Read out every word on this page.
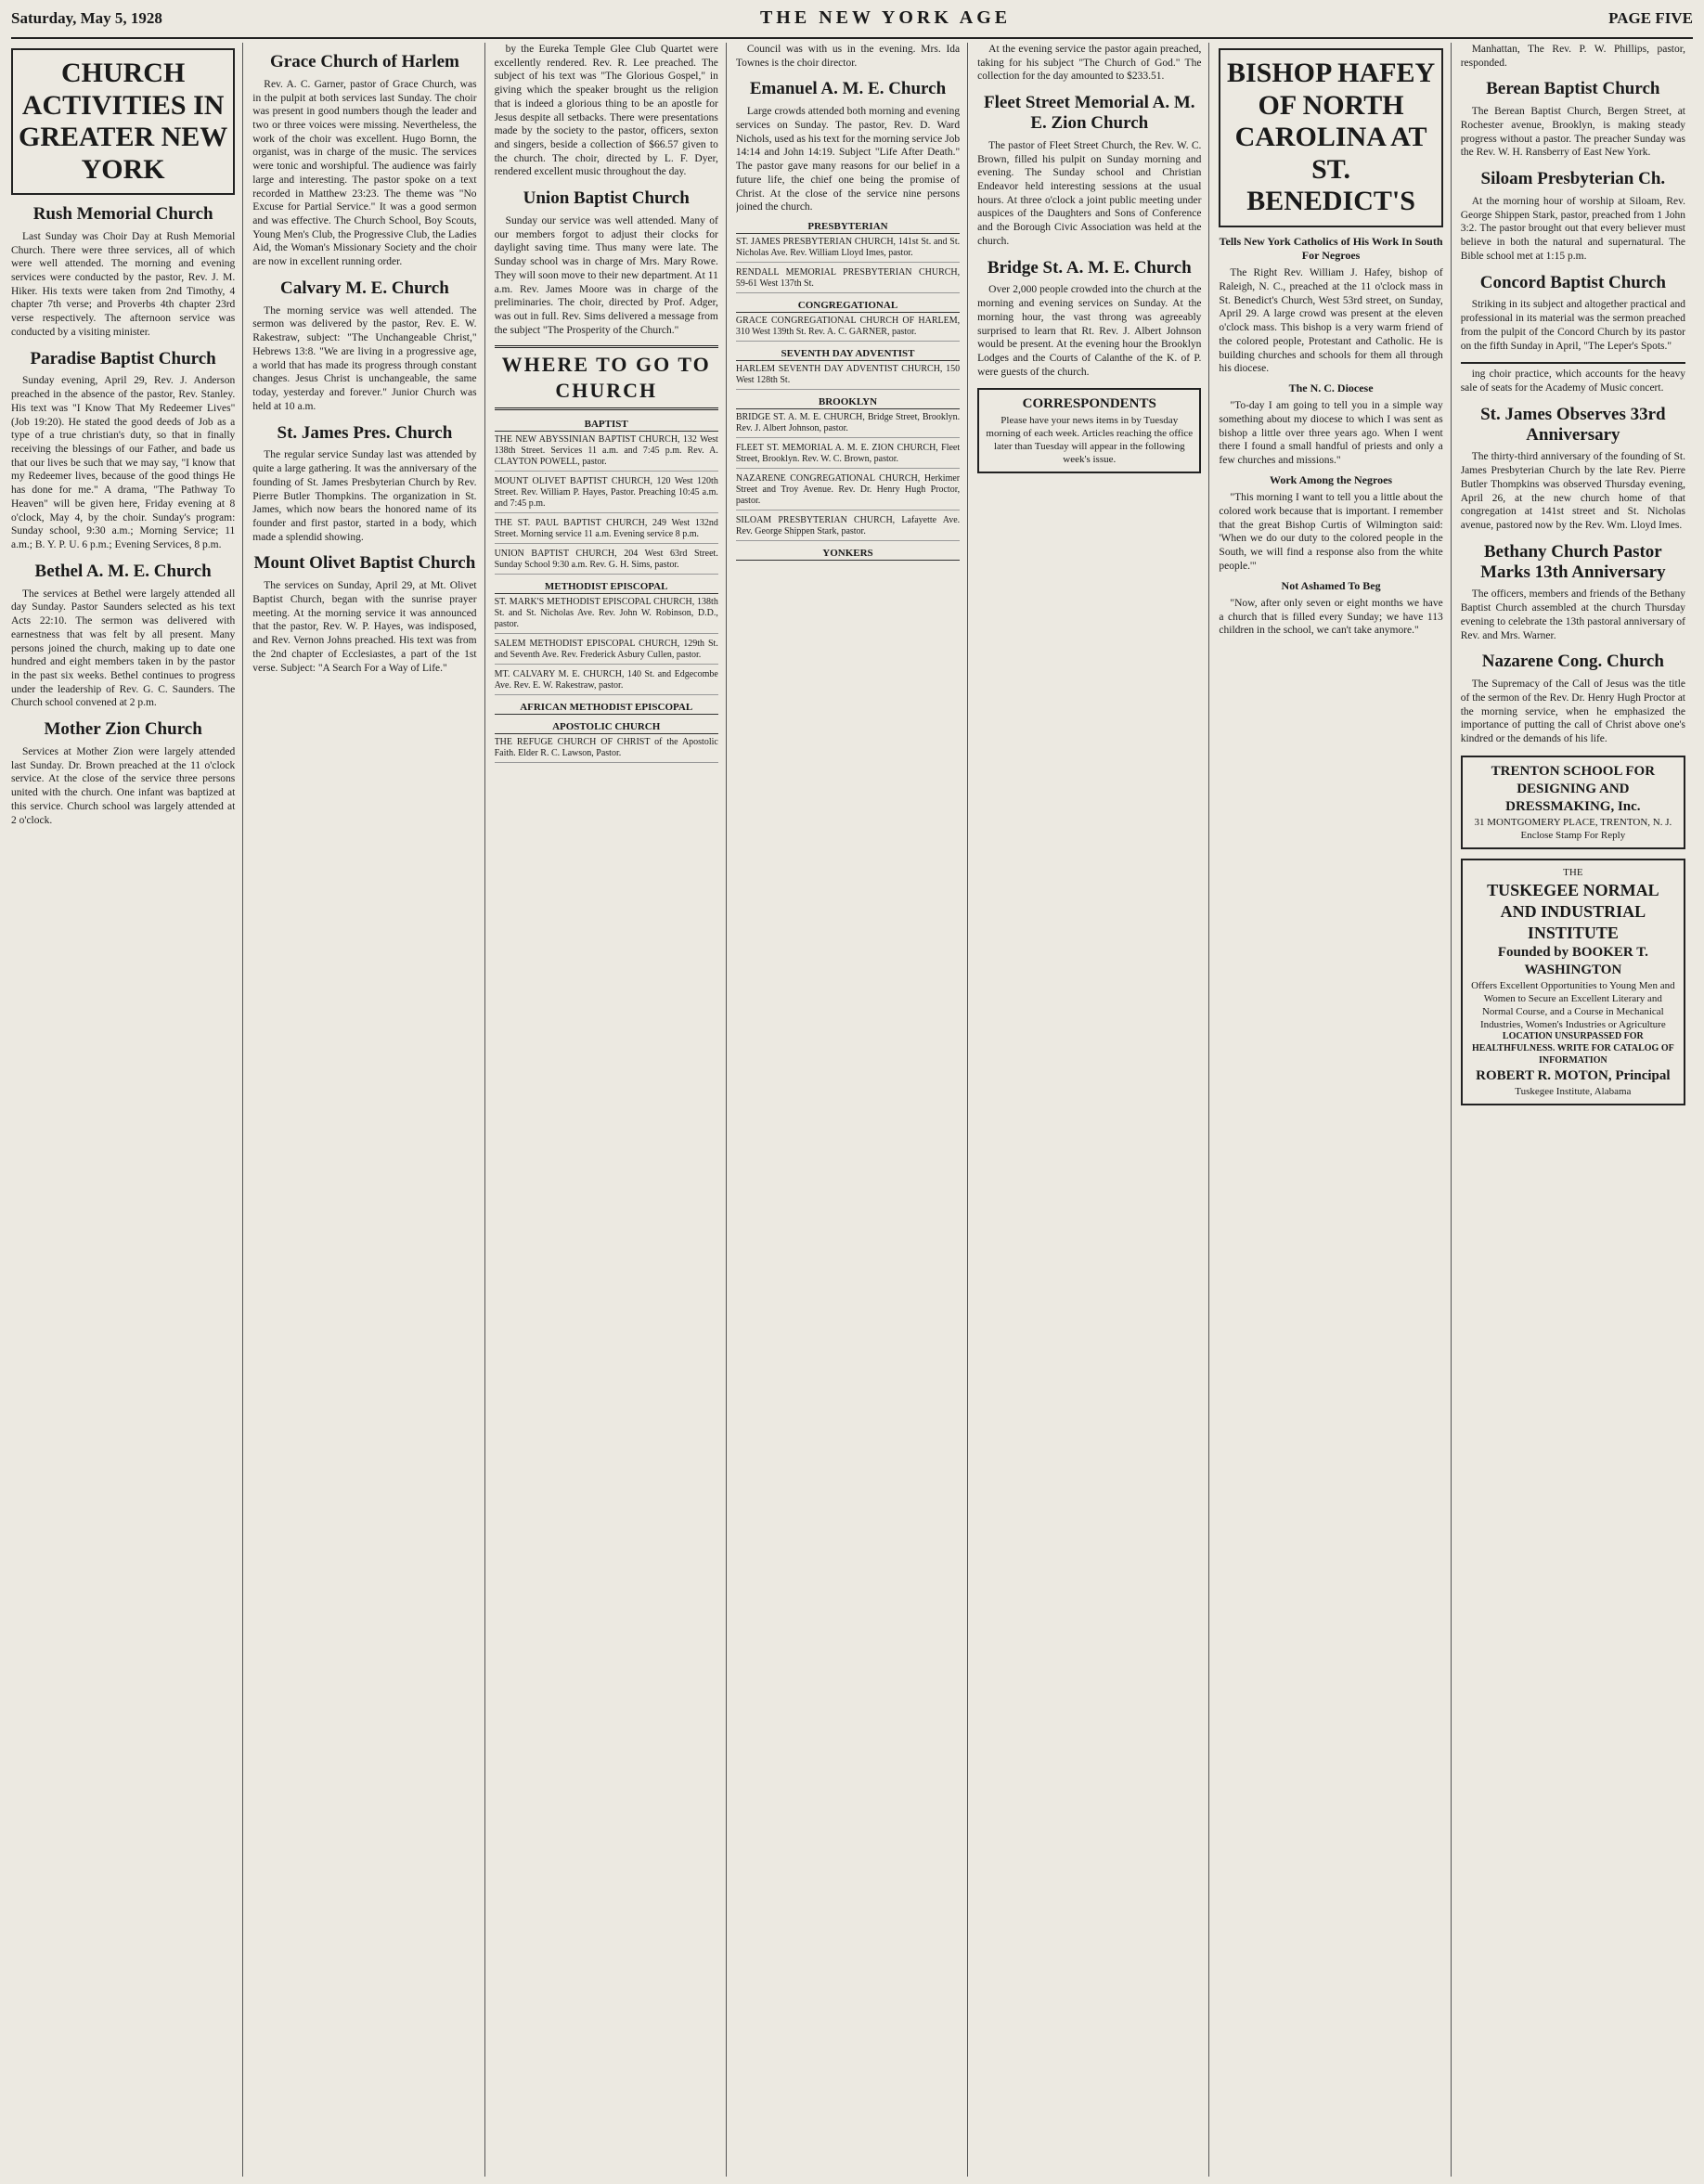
Saturday, May 5, 1928	THE NEW YORK AGE	PAGE FIVE
CHURCH ACTIVITIES IN GREATER NEW YORK
Rush Memorial Church

Last Sunday was Choir Day at Rush Memorial Church. There were three services, all of which were well attended. The morning and evening services were conducted by the pastor, Rev. J. M. Hiker. His texts were taken from 2nd Timothy, 4 chapter 7th verse; and Proverbs 4th chapter 23rd verse respectively. The afternoon service was conducted by a visiting minister.

Paradise Baptist Church

Sunday evening, April 29, Rev. J. Anderson preached in the absence of the pastor, Rev. Stanley. His text was "I Know That My Redeemer Lives" (Job 19:20). He stated the good deeds of Job as a type of a true christian's duty, so that in finally receiving the blessings of our Father, and bade us that our lives be such that we may say, "I know that my Redeemer lives, because of the good things He has done for me." A drama, "The Pathway To Heaven" will be given here, Friday evening at 8 o'clock, May 4, by the choir. Sunday's program: Sunday school, 9:30 a.m.; Morning Service; 11 a.m.; B. Y. P. U. 6 p.m.; Evening Services, 8 p.m.

Bethel A. M. E. Church

The services at Bethel were largely attended all day Sunday. Pastor Saunders selected as his text Acts 22:10. The sermon was delivered with earnestness that was felt by all present. Many persons joined the church, making up to date one hundred and eight members taken in by the pastor in the past six weeks. Bethel continues to progress under the leadership of Rev. G. C. Saunders. The Church school convened at 2 p.m.

Mother Zion Church

Services at Mother Zion were largely attended last Sunday. Dr. Brown preached at the 11 o'clock service. At the close of the service three persons united with the church. One infant was baptized at this service. Church school was largely attended at 2 o'clock.

Grace Church of Harlem

Rev. A. C. Garner, pastor of Grace Church, was in the pulpit at both services last Sunday. The choir was present in good numbers though the leader and two or three voices were missing. Nevertheless, the work of the choir was excellent. Hugo Bornn, the organist, was in charge of the music. The services were tonic and worshipful. The audience was fairly large and interesting. The pastor spoke on a text recorded in Matthew 23:23. The theme was "No Excuse for Partial Service." It was a good sermon and was effective. The Church School, Boy Scouts, Young Men's Club, the Progressive Club, the Ladies Aid, the Woman's Missionary Society and the choir are now in excellent running order.

Calvary M. E. Church

The morning service was well attended. The sermon was delivered by the pastor, Rev. E. W. Rakestraw, subject: "The Unchangeable Christ," Hebrews 13:8. "We are living in a progressive age, a world that has made its progress through constant changes. Jesus Christ is unchangeable, the same today, yesterday and forever." Junior Church was held at 10 a.m.

St. James Pres. Church

The regular service Sunday last was attended by quite a large gathering. It was the anniversary of the founding of St. James Presbyterian Church by Rev. Pierre Butler Thompkins. The organization in St. James, which now bears the honored name of its founder and first pastor, started in a body, which made a splendid showing.

Mount Olivet Baptist Church

The services on Sunday, April 29, at Mt. Olivet Baptist Church, began with the sunrise prayer meeting. At the morning service it was announced that the pastor, Rev. W. P. Hayes, was indisposed, and Rev. Vernon Johns preached. His text was from the 2nd chapter of Ecclesiastes, a part of the 1st verse. Subject: "A Search For a Way of Life."

by the Eureka Temple Glee Club Quartet were excellently rendered. Rev. R. Lee preached. The subject of his text was "The Glorious Gospel," in giving which the speaker brought us the religion that is indeed a glorious thing to be an apostle for Jesus despite all setbacks. There were presentations made by the society to the pastor, officers, sexton and singers, beside a collection of $66.57 given to the church. The choir, directed by L. F. Dyer, rendered excellent music throughout the day.

Union Baptist Church

Sunday our service was well attended. Many of our members forgot to adjust their clocks for daylight saving time. Thus many were late. The Sunday school was in charge of Mrs. Mary Rowe. They will soon move to their new department. At 11 a.m. Rev. James Moore was in charge of the preliminaries. The choir, directed by Prof. Adger, was out in full. Rev. Sims delivered a message from the subject "The Prosperity of the Church."

WHERE TO GO TO CHURCH
BAPTIST
THE NEW ABYSSINIAN BAPTIST CHURCH, 132 West 138th Street. Services 11 a.m. and 7:45 p.m. Rev. A. CLAYTON POWELL, pastor.
MOUNT OLIVET BAPTIST CHURCH, 120 West 120th Street. Rev. William P. Hayes, Pastor. Preaching 10:45 a.m. and 7:45 p.m.
THE ST. PAUL BAPTIST CHURCH, 249 West 132nd Street. Morning service 11 a.m. Evening service 8 p.m.
UNION BAPTIST CHURCH, 204 West 63rd Street. Sunday School 9:30 a.m. Rev. G. H. Sims, pastor.
METHODIST EPISCOPAL
ST. MARK'S METHODIST EPISCOPAL CHURCH, 138th St. and St. Nicholas Ave. Rev. John W. Robinson, D.D., pastor.
SALEM METHODIST EPISCOPAL CHURCH, 129th St. and Seventh Ave. Rev. Frederick Asbury Cullen, pastor.
MT. CALVARY M. E. CHURCH, 140 St. and Edgecombe Ave. Rev. E. W. Rakestraw, pastor.
AFRICAN METHODIST EPISCOPAL
APOSTOLIC CHURCH
THE REFUGE CHURCH OF CHRIST of the Apostolic Faith. Elder R. C. Lawson, Pastor.

Council was with us in the evening. Mrs. Ida Townes is the choir director.

Emanuel A. M. E. Church

Large crowds attended both morning and evening services on Sunday. The pastor, Rev. D. Ward Nichols, used as his text for the morning service Job 14:14 and John 14:19. Subject "Life After Death." The pastor gave many reasons for our belief in a future life, the chief one being the promise of Christ. At the close of the service nine persons joined the church.

PRESBYTERIAN
ST. JAMES PRESBYTERIAN CHURCH, 141st St. and St. Nicholas Ave. Rev. William Lloyd Imes, pastor.
RENDALL MEMORIAL PRESBYTERIAN CHURCH, 59-61 West 137th St.
CONGREGATIONAL
GRACE CONGREGATIONAL CHURCH OF HARLEM, 310 West 139th St. Rev. A. C. GARNER, pastor.
SEVENTH DAY ADVENTIST
HARLEM SEVENTH DAY ADVENTIST CHURCH, 150 West 128th St.
BROOKLYN
BRIDGE ST. A. M. E. CHURCH, Bridge Street, Brooklyn. Rev. J. Albert Johnson, pastor.
FLEET ST. MEMORIAL A. M. E. ZION CHURCH, Fleet Street, Brooklyn. Rev. W. C. Brown, pastor.
NAZARENE CONGREGATIONAL CHURCH, Herkimer Street and Troy Avenue. Rev. Dr. Henry Hugh Proctor, pastor.
SILOAM PRESBYTERIAN CHURCH, Lafayette Ave. Rev. George Shippen Stark, pastor.
YONKERS

At the evening service the pastor again preached, taking for his subject "The Church of God." The collection for the day amounted to $233.51.

Fleet Street Memorial A. M. E. Zion Church

The pastor of Fleet Street Church, the Rev. W. C. Brown, filled his pulpit on Sunday morning and evening. The Sunday school and Christian Endeavor held interesting sessions at the usual hours. At three o'clock a joint public meeting under auspices of the Daughters and Sons of Conference and the Borough Civic Association was held at the church.

Bridge St. A. M. E. Church

Over 2,000 people crowded into the church at the morning and evening services on Sunday. At the morning hour, the vast throng was agreeably surprised to learn that Rt. Rev. J. Albert Johnson would be present. At the evening hour the Brooklyn Lodges and the Courts of Calanthe of the K. of P. were guests of the church.

CORRESPONDENTS
Please have your news items in by Tuesday morning of each week. Articles reaching the office later than Tuesday will appear in the following week's issue.
BISHOP HAFEY OF NORTH CAROLINA AT ST. BENEDICT'S
Tells New York Catholics of His Work In South For Negroes

The Right Rev. William J. Hafey, bishop of Raleigh, N. C., preached at the 11 o'clock mass in St. Benedict's Church, West 53rd street, on Sunday, April 29. A large crowd was present at the eleven o'clock mass. This bishop is a very warm friend of the colored people, Protestant and Catholic. He is building churches and schools for them all through his diocese.

The N. C. Diocese

"To-day I am going to tell you in a simple way something about my diocese to which I was sent as bishop a little over three years ago. When I went there I found a small handful of priests and only a few churches and missions."

Work Among the Negroes

"This morning I want to tell you a little about the colored work because that is important. I remember that the great Bishop Curtis of Wilmington said: 'When we do our duty to the colored people in the South, we will find a response also from the white people.'"

Not Ashamed To Beg

"Now, after only seven or eight months we have a church that is filled every Sunday; we have 113 children in the school, we can't take anymore."

Manhattan, The Rev. P. W. Phillips, pastor, responded.

Berean Baptist Church

The Berean Baptist Church, Bergen Street, at Rochester avenue, Brooklyn, is making steady progress without a pastor. The preacher Sunday was the Rev. W. H. Ransberry of East New York.

Siloam Presbyterian Ch.

At the morning hour of worship at Siloam, Rev. George Shippen Stark, pastor, preached from 1 John 3:2. The pastor brought out that every believer must believe in both the natural and supernatural. The Bible school met at 1:15 p.m.

Concord Baptist Church

Striking in its subject and altogether practical and professional in its material was the sermon preached from the pulpit of the Concord Church by its pastor on the fifth Sunday in April, "The Leper's Spots."

ing choir practice, which accounts for the heavy sale of seats for the Academy of Music concert.

St. James Observes 33rd Anniversary

The thirty-third anniversary of the founding of St. James Presbyterian Church by the late Rev. Pierre Butler Thompkins was observed Thursday evening, April 26, at the new church home of that congregation at 141st street and St. Nicholas avenue, pastored now by the Rev. Wm. Lloyd Imes.

Bethany Church Pastor Marks 13th Anniversary

The officers, members and friends of the Bethany Baptist Church assembled at the church Thursday evening to celebrate the 13th pastoral anniversary of Rev. and Mrs. Warner.

Nazarene Cong. Church

The Supremacy of the Call of Jesus was the title of the sermon of the Rev. Dr. Henry Hugh Proctor at the morning service, when he emphasized the importance of putting the call of Christ above one's kindred or the demands of his life.

TRENTON SCHOOL FOR DESIGNING AND DRESSMAKING, Inc.
31 MONTGOMERY PLACE, TRENTON, N. J.
Enclose Stamp For Reply
THE
TUSKEGEE NORMAL AND INDUSTRIAL INSTITUTE
Founded by BOOKER T. WASHINGTON
Offers Excellent Opportunities to Young Men and Women to Secure an Excellent Literary and Normal Course, and a Course in Mechanical Industries, Women's Industries or Agriculture
LOCATION UNSURPASSED FOR HEALTHFULNESS. WRITE FOR CATALOG OF INFORMATION
ROBERT R. MOTON, Principal
Tuskegee Institute, Alabama
